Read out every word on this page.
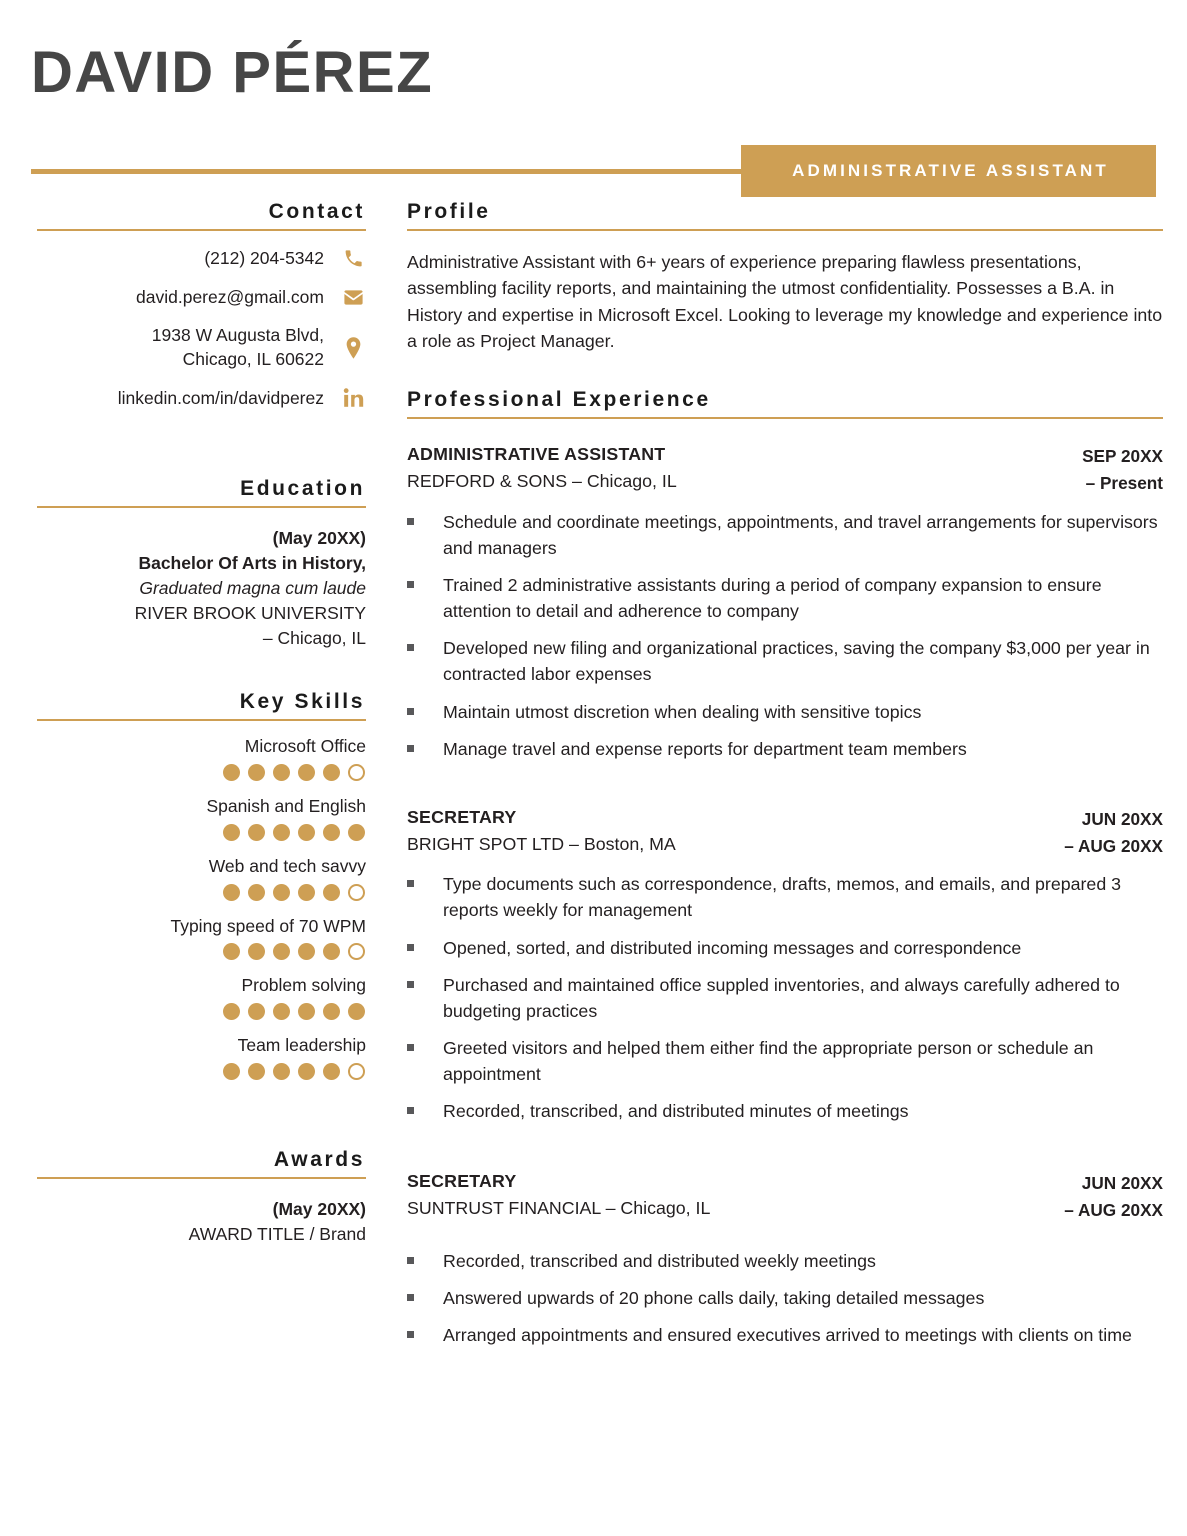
DAVID PÉREZ
ADMINISTRATIVE ASSISTANT
Contact
(212) 204-5342
david.perez@gmail.com
1938 W Augusta Blvd,
Chicago, IL 60622
linkedin.com/in/davidperez
Education
(May 20XX)
Bachelor Of Arts in History,
Graduated magna cum laude
RIVER BROOK UNIVERSITY
– Chicago, IL
Key Skills
Microsoft Office
Spanish and English
Web and tech savvy
Typing speed of 70 WPM
Problem solving
Team leadership
Awards
(May 20XX)
AWARD TITLE / Brand
Profile
Administrative Assistant with 6+ years of experience preparing flawless presentations, assembling facility reports, and maintaining the utmost confidentiality. Possesses a B.A. in History and expertise in Microsoft Excel. Looking to leverage my knowledge and experience into a role as Project Manager.
Professional Experience
ADMINISTRATIVE ASSISTANT
REDFORD & SONS – Chicago, IL
SEP 20XX
– Present
Schedule and coordinate meetings, appointments, and travel arrangements for supervisors and managers
Trained 2 administrative assistants during a period of company expansion to ensure attention to detail and adherence to company
Developed new filing and organizational practices, saving the company $3,000 per year in contracted labor expenses
Maintain utmost discretion when dealing with sensitive topics
Manage travel and expense reports for department team members
SECRETARY
BRIGHT SPOT LTD – Boston, MA
JUN 20XX
– AUG 20XX
Type documents such as correspondence, drafts, memos, and emails, and prepared 3 reports weekly for management
Opened, sorted, and distributed incoming messages and correspondence
Purchased and maintained office suppled inventories, and always carefully adhered to budgeting practices
Greeted visitors and helped them either find the appropriate person or schedule an appointment
Recorded, transcribed, and distributed minutes of meetings
SECRETARY
SUNTRUST FINANCIAL – Chicago, IL
JUN 20XX
– AUG 20XX
Recorded, transcribed and distributed weekly meetings
Answered upwards of 20 phone calls daily, taking detailed messages
Arranged appointments and ensured executives arrived to meetings with clients on time
